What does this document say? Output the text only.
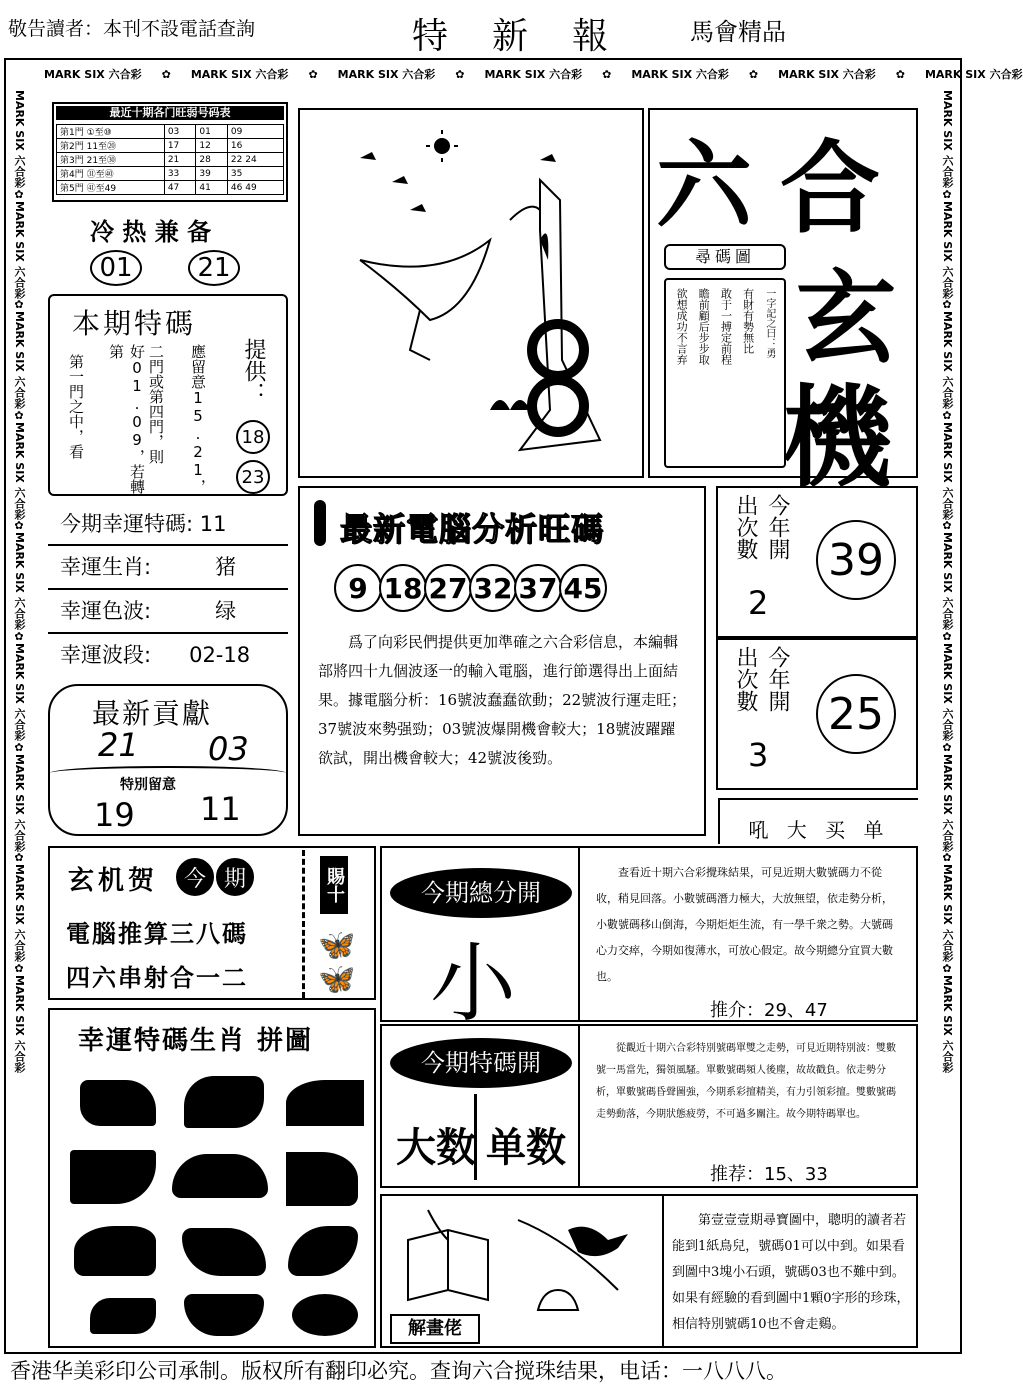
敬告讀者：本刊不設電話查詢	特　新　報	馬會精品
MARK SIX 六合彩 ✿ MARK SIX 六合彩 ✿ MARK SIX 六合彩 ✿ MARK SIX 六合彩 ✿ MARK SIX 六合彩 ✿ MARK SIX 六合彩 ✿ MARK SIX 六合彩
MARK SIX 六合彩
✿
MARK SIX 六合彩
✿
MARK SIX 六合彩
✿
MARK SIX 六合彩
✿
MARK SIX 六合彩
✿
MARK SIX 六合彩
✿
MARK SIX 六合彩
✿
MARK SIX 六合彩
✿
MARK SIX 六合彩
MARK SIX 六合彩
✿
MARK SIX 六合彩
✿
MARK SIX 六合彩
✿
MARK SIX 六合彩
✿
MARK SIX 六合彩
✿
MARK SIX 六合彩
✿
MARK SIX 六合彩
✿
MARK SIX 六合彩
✿
MARK SIX 六合彩
最近十期各门旺弱号码表
第1門 ①至⑩	03	01	09
第2門 11至⑳	17	12	16
第3門 21至㉚	21	28	22 24
第4門 ㉛至㊵	33	39	35
第5門 ㊶至49	47	41	46 49
冷 热 兼 备
01 21
本期特碼
應留意15.21，
二門或第四門，則
好01.09，若轉第
第一門之中，看	提供：
18
23
今期幸運特碼: 11
幸運生肖:	猪
幸運色波:	绿
幸運波段: 02-18
最新貢獻
21 03
特別留意
19 11
玄机贺 今 期
電腦推算三八碼
四六串射合一二
賜十
🦋
🦋
幸運特碼生肖 拼圖
六 合
玄
機
尋碼圖
一字記之曰：勇
有財有勢無比
敢于一搏定前程
瞻前顧后步步取
欲想成功不言弃
最新電腦分析旺碼
9 18 27 32 37 45
爲了向彩民們提供更加準確之六合彩信息，本編輯部將四十九個波逐一的輸入電腦，進行節選得出上面結果。據電腦分析：16號波蠢蠢欲動；22號波行運走旺；37號波來勢强勁；03號波爆開機會較大；18號波躍躍欲試，開出機會較大；42號波後勁。
出次數 今年開
2
39
出次數 今年開
3
25
吼 大 买 单
今期總分開
小
查看近十期六合彩攪珠結果，可見近期大數號碼力不從收，稍見回落。小數號碼潛力極大，大放無望，依走勢分析，小數號碼移山倒海，今期炬炬生流，有一學千衆之勢。大號碼心力交瘁，今期如復薄水，可放心假定。故今期總分宜買大數也。
推介：29、47
今期特碼開
大数 单数
從觀近十期六合彩特別號碼單雙之走勢，可見近期特別波：雙數號一馬當先，獨領風騷。單數號碼頻人後塵，故故戳負。依走勢分析，單數號碼昏聲圖強，今期系彩擅精美，有力引領彩擅。雙數號碼走勢動落，今期狀態疲勞，不可過多關注。故今期特碼單也。
推荐：15、33
解畫佬
第壹壹壹期尋寶圖中，聰明的讀者若能到1紙鳥兒，號碼01可以中到。如果看到圖中3塊小石頭，號碼03也不難中到。如果有經驗的看到圖中1顆0字形的珍珠，相信特別號碼10也不會走鷄。
香港华美彩印公司承制。版权所有翻印必究。查询六合搅珠结果，电话：一八八八。
